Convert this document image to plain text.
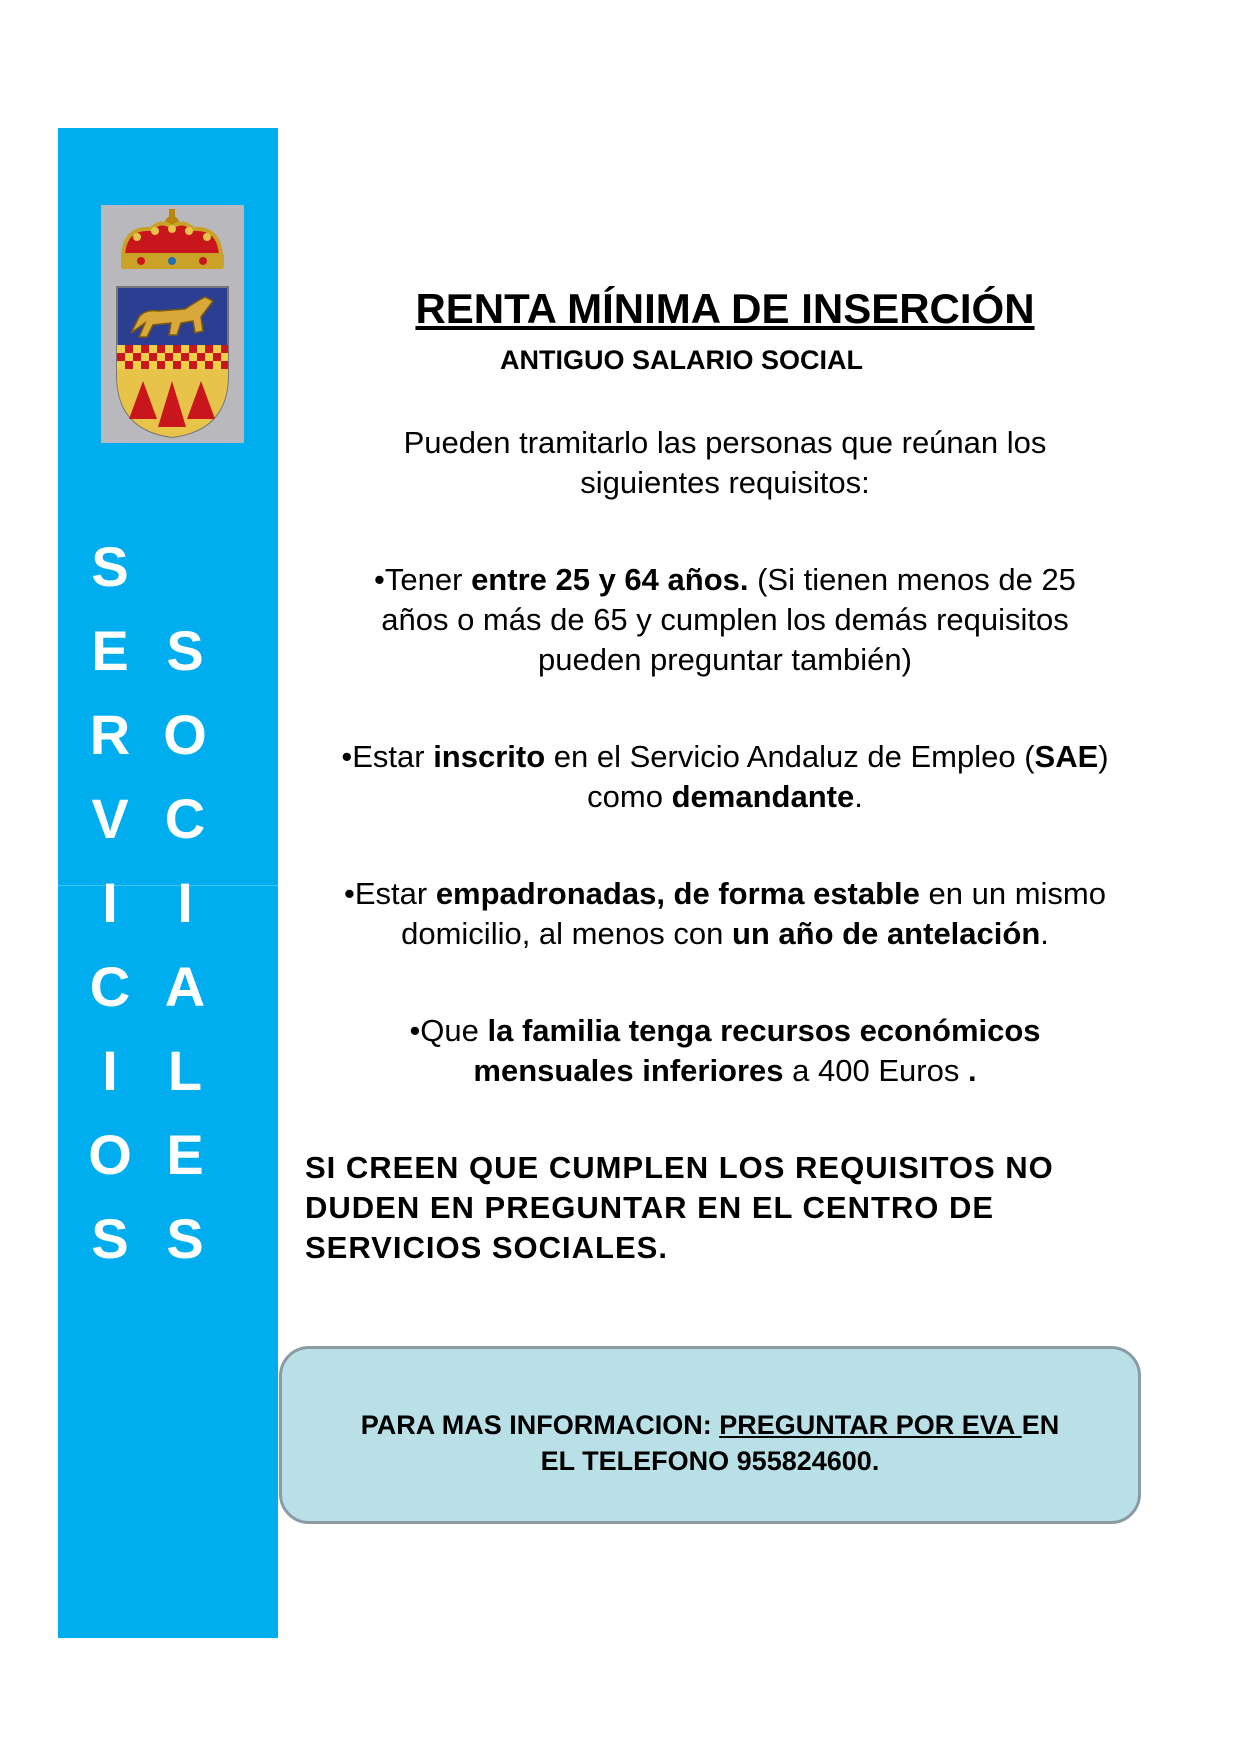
S
E
R
V
I
C
I
O
S
S
O
C
I
A
L
E
S
RENTA MÍNIMA DE INSERCIÓN

ANTIGUO SALARIO SOCIAL

Pueden tramitarlo las personas que reúnan los
siguientes requisitos:

•Tener entre 25 y 64 años. (Si tienen menos de 25
años o más de 65 y cumplen los demás requisitos
pueden preguntar también)

•Estar inscrito en el Servicio Andaluz de Empleo (SAE)
como demandante.

•Estar empadronadas, de forma estable en un mismo
domicilio, al menos con un año de antelación.

•Que la familia tenga recursos económicos
mensuales inferiores a 400 Euros .

SI CREEN QUE CUMPLEN LOS REQUISITOS NO
DUDEN EN PREGUNTAR EN EL CENTRO DE
SERVICIOS SOCIALES.

PARA MAS INFORMACION: PREGUNTAR POR EVA EN
EL TELEFONO 955824600.
